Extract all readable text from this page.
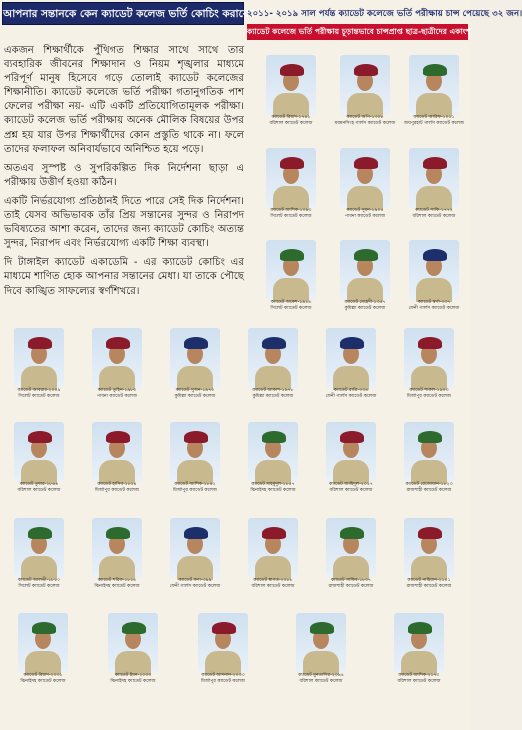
আপনার সন্তানকে কেন ক্যাডেট কলেজ ভর্তি কোচিং করাবেন !
২০১১- ২০১৯ সাল পর্যন্ত ক্যাডেট কলেজে ভর্তি পরীক্ষায় চান্স পেয়েছে ৩২ জন।
ক্যাডেট কলেজে ভর্তি পরীক্ষায় চূড়ান্তভাবে চান্সপ্রাপ্ত ছাত্র-ছাত্রীদের একাংশ

একজন শিক্ষার্থীকে পুঁথিগত শিক্ষার সাথে সাথে তার ব্যবহারিক জীবনের শিক্ষাদান ও নিয়ম শৃঙ্খলার মাধ্যমে পরিপূর্ণ মানুষ হিসেবে গড়ে তোলাই ক্যাডেট কলেজের শিক্ষানীতি। ক্যাডেট কলেজে ভর্তি পরীক্ষা গতানুগতিক পাশ ফেলের পরীক্ষা নয়- এটি একটি প্রতিযোগিতামূলক পরীক্ষা। ক্যাডেট কলেজ ভর্তি পরীক্ষায় অনেক মৌলিক বিষয়ের উপর প্রশ্ন হয় যার উপর শিক্ষার্থীদের কোন প্রস্তুতি থাকে না। ফলে তাদের ফলাফল অনিবার্যভাবে অনিশ্চিত হয়ে পড়ে।

অতএব সুস্পষ্ট ও সুপরিকল্পিত দিক নির্দেশনা ছাড়া এ পরীক্ষায় উত্তীর্ণ হওয়া কঠিন।

একটি নির্ভরযোগ্য প্রতিষ্ঠানই দিতে পারে সেই দিক নির্দেশনা। তাই যেসব অভিভাবক তাঁর প্রিয় সন্তানের সুন্দর ও নিরাপদ ভবিষ্যতের আশা করেন, তাদের জন্য ক্যাডেট কোচিং অত্যন্ত সুন্দর, নিরাপদ এবং নির্ভরযোগ্য একটি শিক্ষা ব্যবস্থা।

দি টাঙ্গাইল ক্যাডেট একাডেমি - এর ক্যাডেট কোচিং এর মাধ্যমে শাণিত হোক আপনার সন্তানের মেধা। যা তাকে পৌছে দিবে কাঙ্খিত সাফল্যের স্বর্ণশিখরে।

ক্যাডেট রিয়াদ-১৭৪১
বরিশাল ক্যাডেট কলেজ
ক্যাডেট অপি-১৩০৮
ময়মনসিংহ গার্লস ক্যাডেট কলেজ
ক্যাডেট আরিফ-১০১১
জয়পুরহাট গার্লস ক্যাডেট কলেজ
ক্যাডেট আশিক-১০৯০
সিলেট ক্যাডেট কলেজ
ক্যাডেট সুমন-১৯০৫
পাবনা ক্যাডেট কলেজ
ক্যাডেট সাকি-১৭৭২
বরিশাল ক্যাডেট কলেজ
ক্যাডেট অকেশ-১৯১৪
সিলেট ক্যাডেট কলেজ
ক্যাডেট মেহেদী-১৩৫৭
কুমিল্লা ক্যাডেট কলেজ
ক্যাডেট স্বর্ণা-৩৩৭
ফেনী গার্লস ক্যাডেট কলেজ
ক্যাডেট আবরার-২০০৯
সিলেট ক্যাডেট কলেজ
ক্যাডেট তুহিন-১৯৮০
পাবনা ক্যাডেট কলেজ
ক্যাডেট সুজন-১৯৭০
কুমিল্লা ক্যাডেট কলেজ
ক্যাডেট আকাশ-১৯৭৮
কুমিল্লা ক্যাডেট কলেজ
ক্যাডেট রাত্রি-৩৩৪
ফেনী গার্লস ক্যাডেট কলেজ
ক্যাডেট শাকল-১৯০৩
মির্জাপুর ক্যাডেট কলেজ
ক্যাডেট তুষার-১৮৬৪
বরিশাল ক্যাডেট কলেজ
ক্যাডেট হাসিব-১৮১৪
মির্জাপুর ক্যাডেট কলেজ
ক্যাডেট আশিক-১৮৪২
মির্জাপুর ক্যাডেট কলেজ
ক্যাডেট মাহমুদুল-১৮৫৭
ঝিনাইদহ ক্যাডেট কলেজ
ক্যাডেট জাহিদুল-২০১৭
বরিশাল ক্যাডেট কলেজ
ক্যাডেট রেজোয়ান-১৮২৩
রাজশাহী ক্যাডেট কলেজ
ক্যাডেট আলভী-১৮১০
সিলেট ক্যাডেট কলেজ
ক্যাডেট শরিফ-১৮১৫
ঝিনাইদহ ক্যাডেট কলেজ
ক্যাডেট কণা-৩৯৯
ফেনী গার্লস ক্যাডেট কলেজ
ক্যাডেট স্বাগত-২০৮৮
বরিশাল ক্যাডেট কলেজ
ক্যাডেট সাকিব-১৮০৭
রাজশাহী ক্যাডেট কলেজ
ক্যাডেট নাহিয়ান-২১০১
রাজশাহী ক্যাডেট কলেজ
ক্যাডেট রিয়াদ-২০৩১
ঝিনাইদহ ক্যাডেট কলেজ
ক্যাডেট ইমন-২০৩৩
ঝিনাইদহ ক্যাডেট কলেজ
ক্যাডেট আদনান-২০৩৩
মির্জাপুর ক্যাডেট কলেজ
ক্যাডেট মুনতাসির-২০৯৪
বরিশাল ক্যাডেট কলেজ
ক্যাডেট আশিক-২১৭০
বরিশাল ক্যাডেট কলেজ
